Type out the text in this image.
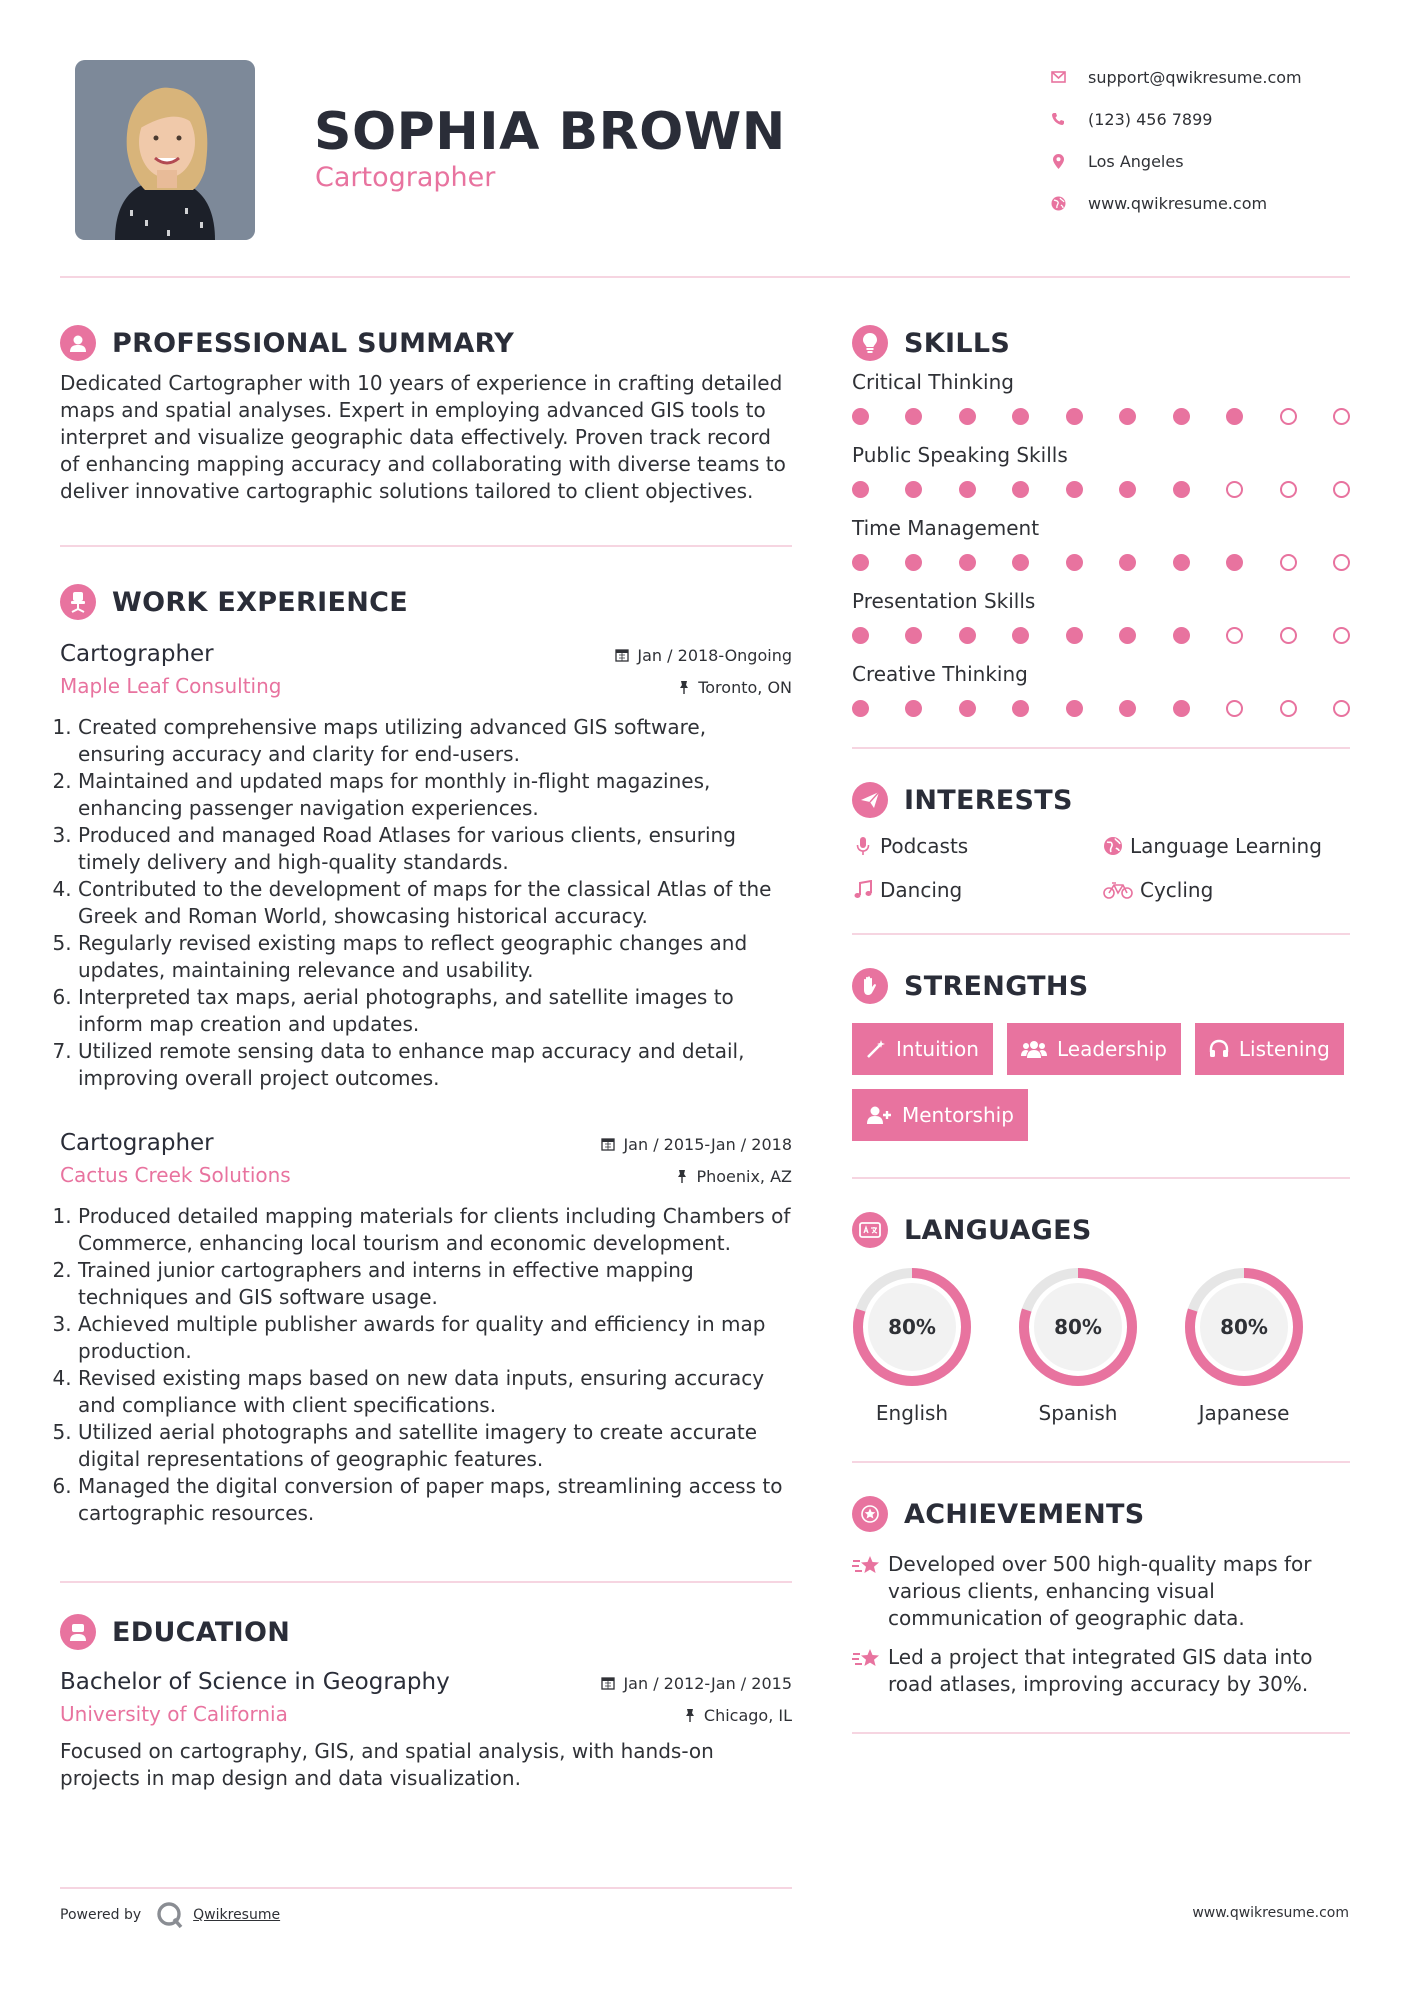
SOPHIA BROWN
Cartographer
support@qwikresume.com
(123) 456 7899
Los Angeles
www.qwikresume.com
PROFESSIONAL SUMMARY

Dedicated Cartographer with 10 years of experience in crafting detailed maps and spatial analyses. Expert in employing advanced GIS tools to interpret and visualize geographic data effectively. Proven track record of enhancing mapping accuracy and collaborating with diverse teams to deliver innovative cartographic solutions tailored to client objectives.

WORK EXPERIENCE
Cartographer
Maple Leaf Consulting
Jan / 2018-Ongoing
Toronto, ON
1. Created comprehensive maps utilizing advanced GIS software, ensuring accuracy and clarity for end-users.
2. Maintained and updated maps for monthly in-flight magazines, enhancing passenger navigation experiences.
3. Produced and managed Road Atlases for various clients, ensuring timely delivery and high-quality standards.
4. Contributed to the development of maps for the classical Atlas of the Greek and Roman World, showcasing historical accuracy.
5. Regularly revised existing maps to reflect geographic changes and updates, maintaining relevance and usability.
6. Interpreted tax maps, aerial photographs, and satellite images to inform map creation and updates.
7. Utilized remote sensing data to enhance map accuracy and detail, improving overall project outcomes.
Cartographer
Cactus Creek Solutions
Jan / 2015-Jan / 2018
Phoenix, AZ
1. Produced detailed mapping materials for clients including Chambers of Commerce, enhancing local tourism and economic development.
2. Trained junior cartographers and interns in effective mapping techniques and GIS software usage.
3. Achieved multiple publisher awards for quality and efficiency in map production.
4. Revised existing maps based on new data inputs, ensuring accuracy and compliance with client specifications.
5. Utilized aerial photographs and satellite imagery to create accurate digital representations of geographic features.
6. Managed the digital conversion of paper maps, streamlining access to cartographic resources.
EDUCATION
Bachelor of Science in Geography
University of California
Jan / 2012-Jan / 2015
Chicago, IL

Focused on cartography, GIS, and spatial analysis, with hands-on projects in map design and data visualization.

SKILLS
Critical Thinking
Public Speaking Skills
Time Management
Presentation Skills
Creative Thinking
INTERESTS
Podcasts	Language Learning
Dancing	Cycling
STRENGTHS
Intuition	Leadership	Listening
Mentorship
LANGUAGES
80%
English
80%
Spanish
80%
Japanese
ACHIEVEMENTS
Developed over 500 high-quality maps for various clients, enhancing visual communication of geographic data.
Led a project that integrated GIS data into road atlases, improving accuracy by 30%.
Powered by	Qwikresume	www.qwikresume.com
